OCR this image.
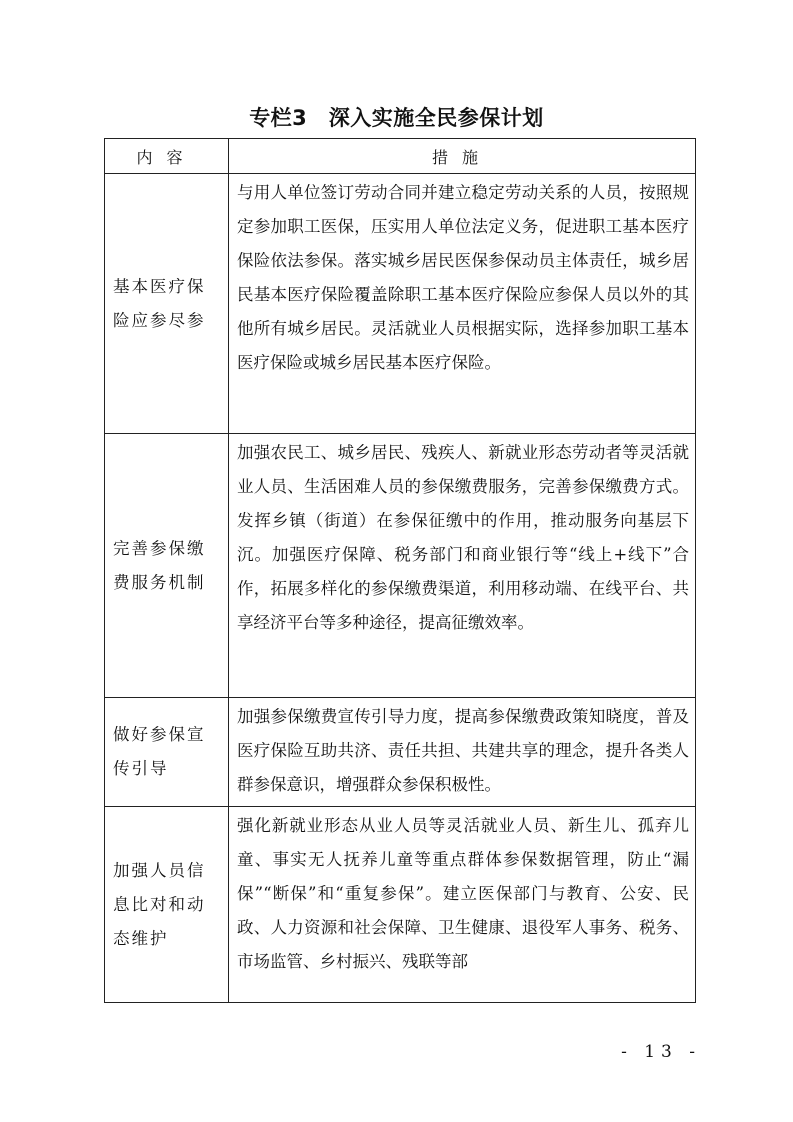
专栏3　深入实施全民参保计划
内容	措施
基本医疗保险应参尽参	与用人单位签订劳动合同并建立稳定劳动关系的人员，按照规定参加职工医保，压实用人单位法定义务，促进职工基本医疗保险依法参保。落实城乡居民医保参保动员主体责任，城乡居民基本医疗保险覆盖除职工基本医疗保险应参保人员以外的其他所有城乡居民。灵活就业人员根据实际，选择参加职工基本医疗保险或城乡居民基本医疗保险。
完善参保缴费服务机制	加强农民工、城乡居民、残疾人、新就业形态劳动者等灵活就业人员、生活困难人员的参保缴费服务，完善参保缴费方式。发挥乡镇（街道）在参保征缴中的作用，推动服务向基层下沉。加强医疗保障、税务部门和商业银行等“线上+线下”合作，拓展多样化的参保缴费渠道，利用移动端、在线平台、共享经济平台等多种途径，提高征缴效率。
做好参保宣传引导	加强参保缴费宣传引导力度，提高参保缴费政策知晓度，普及医疗保险互助共济、责任共担、共建共享的理念，提升各类人群参保意识，增强群众参保积极性。
加强人员信息比对和动态维护	强化新就业形态从业人员等灵活就业人员、新生儿、孤弃儿童、事实无人抚养儿童等重点群体参保数据管理，防止“漏保”“断保”和“重复参保”。建立医保部门与教育、公安、民政、人力资源和社会保障、卫生健康、退役军人事务、税务、市场监管、乡村振兴、残联等部
- 13 -
